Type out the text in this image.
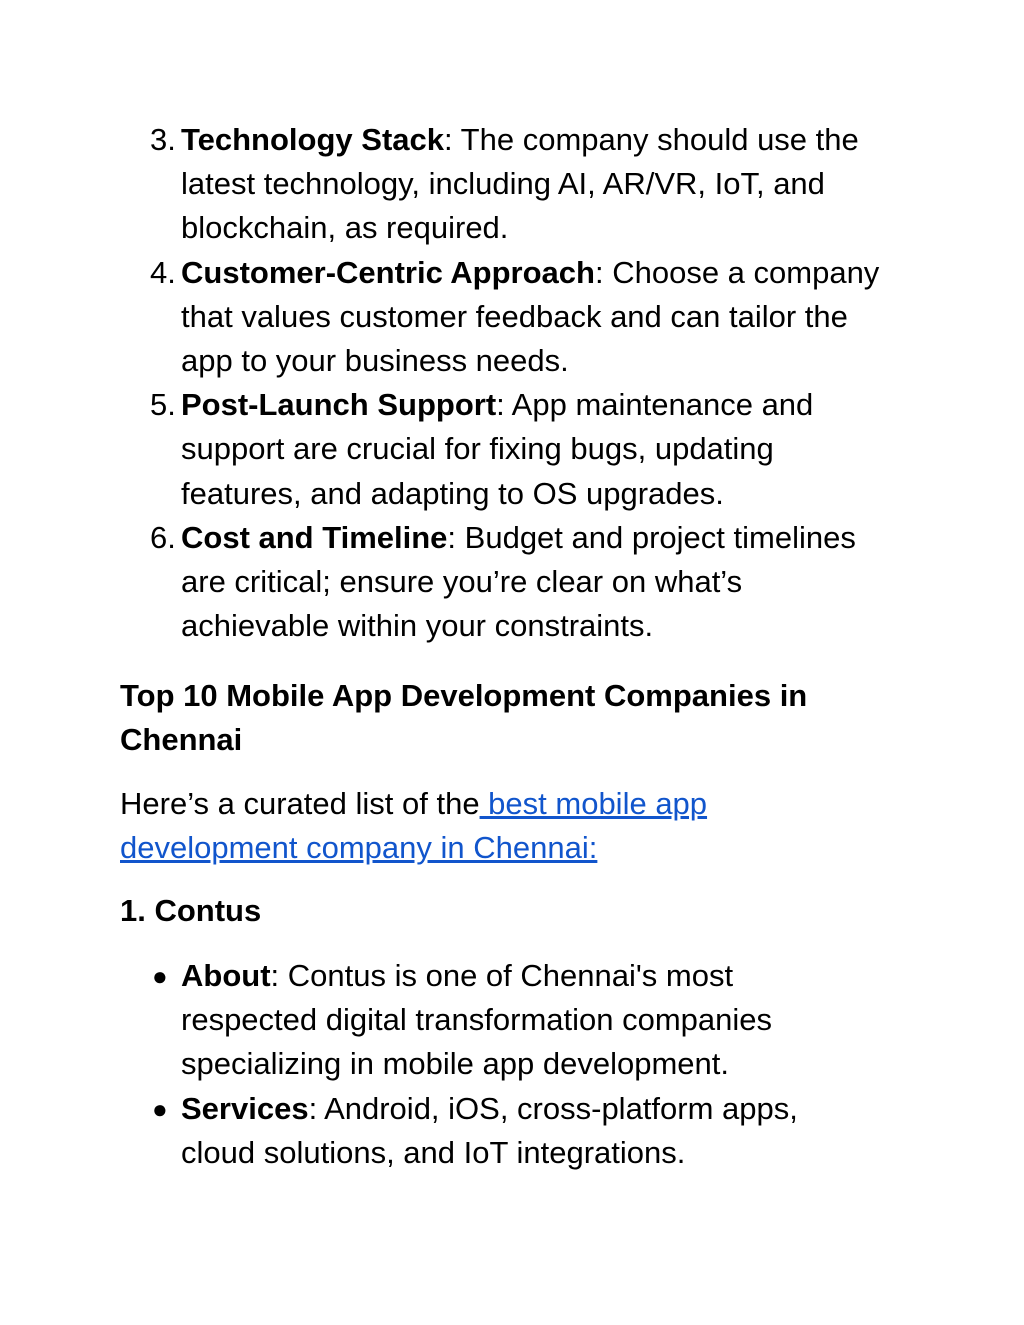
3. Technology Stack: The company should use the latest technology, including AI, AR/VR, IoT, and blockchain, as required.
4. Customer-Centric Approach: Choose a company that values customer feedback and can tailor the app to your business needs.
5. Post-Launch Support: App maintenance and support are crucial for fixing bugs, updating features, and adapting to OS upgrades.
6. Cost and Timeline: Budget and project timelines are critical; ensure you’re clear on what’s achievable within your constraints.
Top 10 Mobile App Development Companies in Chennai

Here’s a curated list of the best mobile app development company in Chennai:

1. Contus
● About: Contus is one of Chennai's most respected digital transformation companies specializing in mobile app development.
● Services: Android, iOS, cross-platform apps, cloud solutions, and IoT integrations.
